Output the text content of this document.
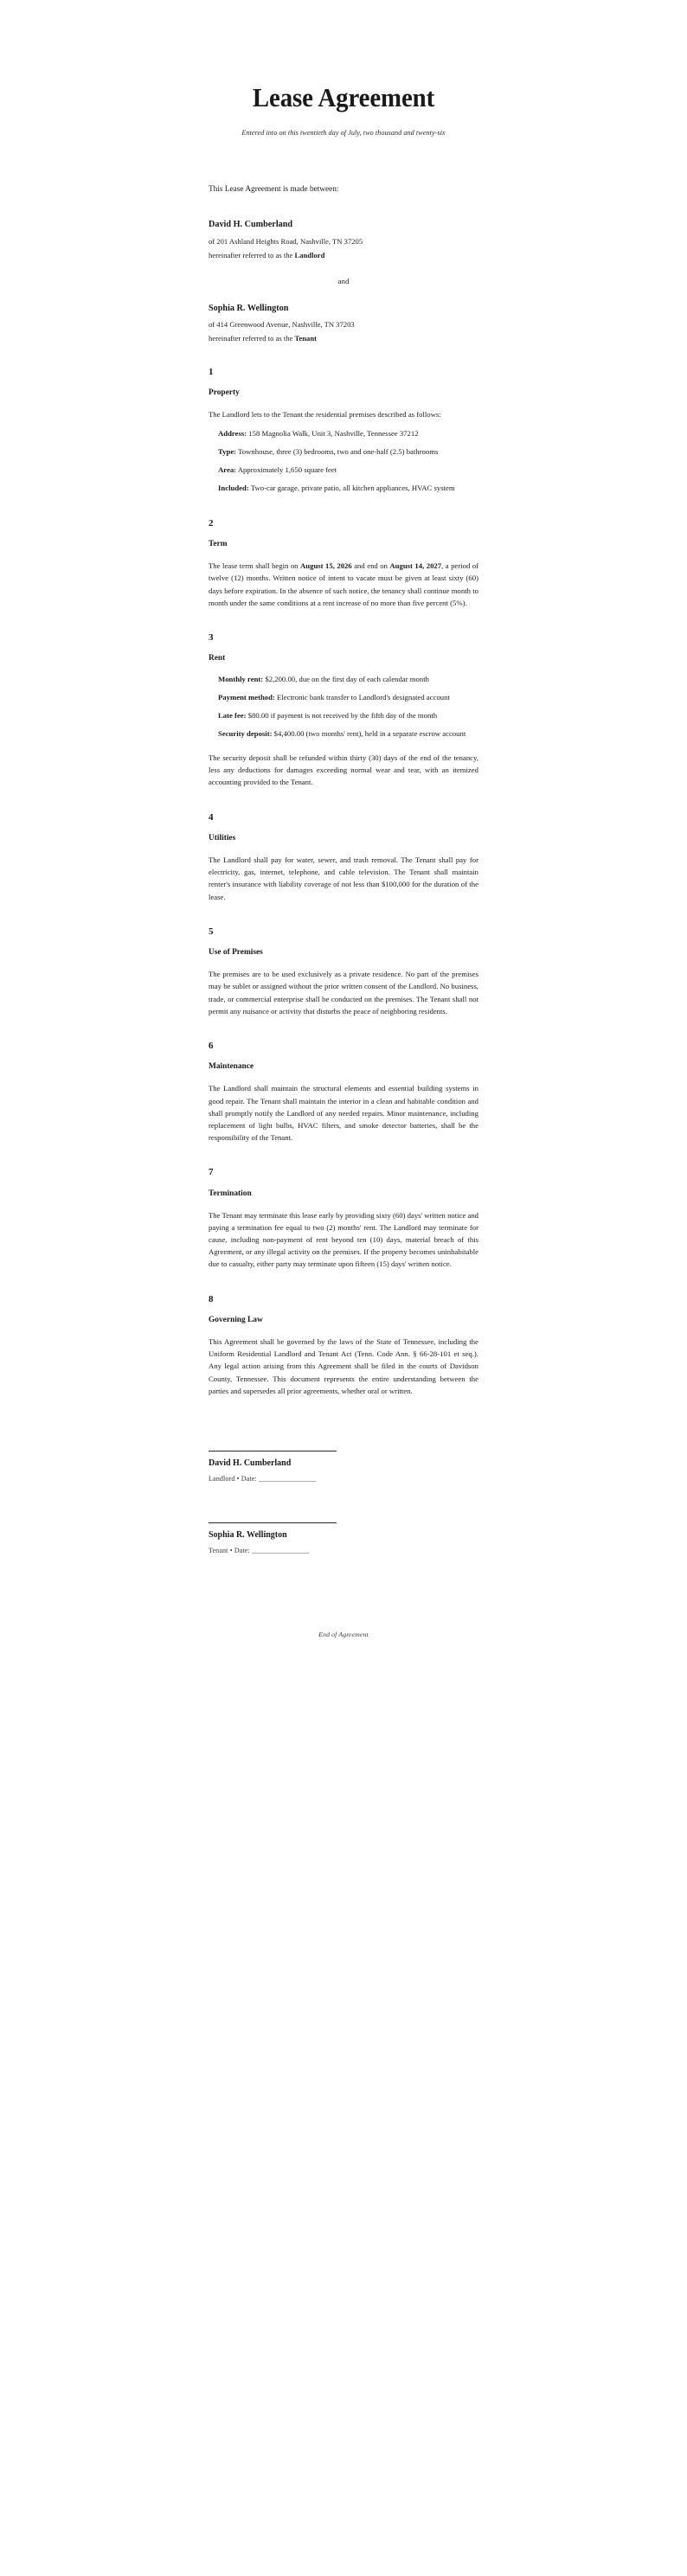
Lease Agreement
Entered into on this twentieth day of July, two thousand and twenty-six

This Lease Agreement is made between:

David H. Cumberland
of 201 Ashland Heights Road, Nashville, TN 37205
hereinafter referred to as the Landlord
and
Sophia R. Wellington
of 414 Greenwood Avenue, Nashville, TN 37203
hereinafter referred to as the Tenant
1
Property

The Landlord lets to the Tenant the residential premises described as follows:

Address: 158 Magnolia Walk, Unit 3, Nashville, Tennessee 37212
Type: Townhouse, three (3) bedrooms, two and one-half (2.5) bathrooms
Area: Approximately 1,650 square feet
Included: Two-car garage, private patio, all kitchen appliances, HVAC system
2
Term

The lease term shall begin on August 15, 2026 and end on August 14, 2027, a period of twelve (12) months. Written notice of intent to vacate must be given at least sixty (60) days before expiration. In the absence of such notice, the tenancy shall continue month to month under the same conditions at a rent increase of no more than five percent (5%).

3
Rent
Monthly rent: $2,200.00, due on the first day of each calendar month
Payment method: Electronic bank transfer to Landlord's designated account
Late fee: $80.00 if payment is not received by the fifth day of the month
Security deposit: $4,400.00 (two months' rent), held in a separate escrow account

The security deposit shall be refunded within thirty (30) days of the end of the tenancy, less any deductions for damages exceeding normal wear and tear, with an itemized accounting provided to the Tenant.

4
Utilities

The Landlord shall pay for water, sewer, and trash removal. The Tenant shall pay for electricity, gas, internet, telephone, and cable television. The Tenant shall maintain renter's insurance with liability coverage of not less than $100,000 for the duration of the lease.

5
Use of Premises

The premises are to be used exclusively as a private residence. No part of the premises may be sublet or assigned without the prior written consent of the Landlord. No business, trade, or commercial enterprise shall be conducted on the premises. The Tenant shall not permit any nuisance or activity that disturbs the peace of neighboring residents.

6
Maintenance

The Landlord shall maintain the structural elements and essential building systems in good repair. The Tenant shall maintain the interior in a clean and habitable condition and shall promptly notify the Landlord of any needed repairs. Minor maintenance, including replacement of light bulbs, HVAC filters, and smoke detector batteries, shall be the responsibility of the Tenant.

7
Termination

The Tenant may terminate this lease early by providing sixty (60) days' written notice and paying a termination fee equal to two (2) months' rent. The Landlord may terminate for cause, including non-payment of rent beyond ten (10) days, material breach of this Agreement, or any illegal activity on the premises. If the property becomes uninhabitable due to casualty, either party may terminate upon fifteen (15) days' written notice.

8
Governing Law

This Agreement shall be governed by the laws of the State of Tennessee, including the Uniform Residential Landlord and Tenant Act (Tenn. Code Ann. § 66-28-101 et seq.). Any legal action arising from this Agreement shall be filed in the courts of Davidson County, Tennessee. This document represents the entire understanding between the parties and supersedes all prior agreements, whether oral or written.

David H. Cumberland
Landlord • Date: ________________
Sophia R. Wellington
Tenant • Date: ________________
End of Agreement
